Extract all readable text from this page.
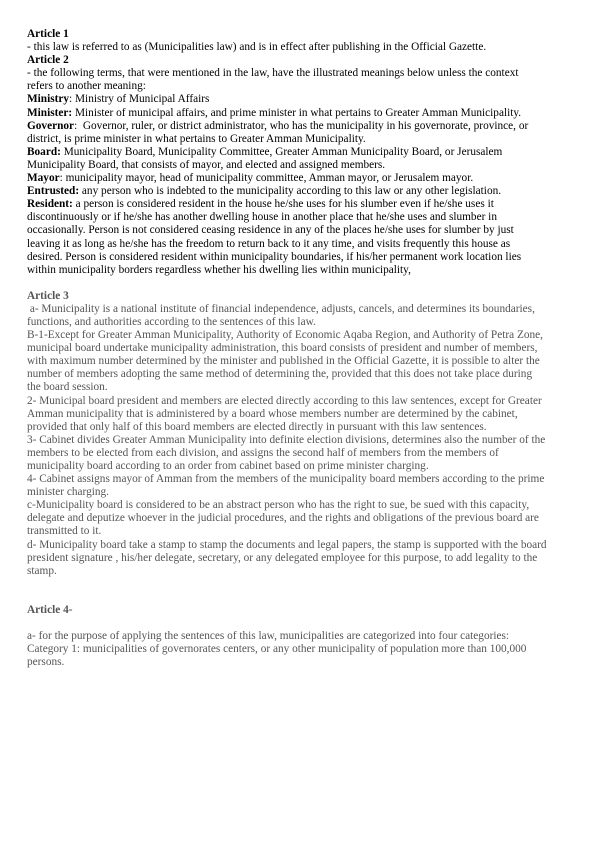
Article 1

- this law is referred to as (Municipalities law) and is in effect after publishing in the Official Gazette.

Article 2

- the following terms, that were mentioned in the law, have the illustrated meanings below unless the context refers to another meaning:

Ministry: Ministry of Municipal Affairs

Minister: Minister of municipal affairs, and prime minister in what pertains to Greater Amman Municipality.

Governor:  Governor, ruler, or district administrator, who has the municipality in his governorate, province, or district, is prime minister in what pertains to Greater Amman Municipality.

Board: Municipality Board, Municipality Committee, Greater Amman Municipality Board, or Jerusalem Municipality Board, that consists of mayor, and elected and assigned members.

Mayor: municipality mayor, head of municipality committee, Amman mayor, or Jerusalem mayor.

Entrusted: any person who is indebted to the municipality according to this law or any other legislation.

Resident: a person is considered resident in the house he/she uses for his slumber even if he/she uses it discontinuously or if he/she has another dwelling house in another place that he/she uses and slumber in occasionally. Person is not considered ceasing residence in any of the places he/she uses for slumber by just leaving it as long as he/she has the freedom to return back to it any time, and visits frequently this house as desired. Person is considered resident within municipality boundaries, if his/her permanent work location lies within municipality borders regardless whether his dwelling lies within municipality,

Article 3

a- Municipality is a national institute of financial independence, adjusts, cancels, and determines its boundaries, functions, and authorities according to the sentences of this law.

B-1-Except for Greater Amman Municipality, Authority of Economic Aqaba Region, and Authority of Petra Zone, municipal board undertake municipality administration, this board consists of president and number of members, with maximum number determined by the minister and published in the Official Gazette, it is possible to alter the number of members adopting the same method of determining the, provided that this does not take place during the board session.

2- Municipal board president and members are elected directly according to this law sentences, except for Greater Amman municipality that is administered by a board whose members number are determined by the cabinet, provided that only half of this board members are elected directly in pursuant with this law sentences.

3- Cabinet divides Greater Amman Municipality into definite election divisions, determines also the number of the members to be elected from each division, and assigns the second half of members from the members of municipality board according to an order from cabinet based on prime minister charging.

4- Cabinet assigns mayor of Amman from the members of the municipality board members according to the prime minister charging.

c-Municipality board is considered to be an abstract person who has the right to sue, be sued with this capacity, delegate and deputize whoever in the judicial procedures, and the rights and obligations of the previous board are transmitted to it.

d- Municipality board take a stamp to stamp the documents and legal papers, the stamp is supported with the board president signature , his/her delegate, secretary, or any delegated employee for this purpose, to add legality to the stamp.

Article 4-

a- for the purpose of applying the sentences of this law, municipalities are categorized into four categories:

Category 1: municipalities of governorates centers, or any other municipality of population more than 100,000 persons.
